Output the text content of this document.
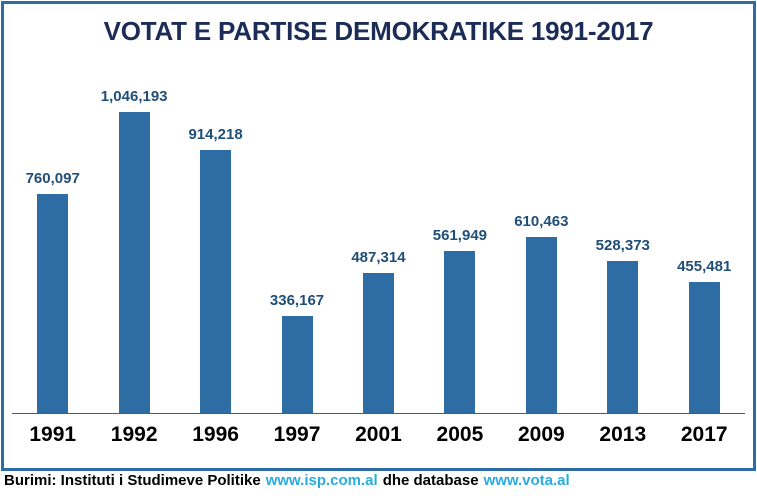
VOTAT E PARTISE DEMOKRATIKE 1991-2017
760,097
1,046,193
914,218
336,167
487,314
561,949
610,463
528,373
455,481
1991	1992	1996	1997	2001	2005	2009	2013	2017
Burimi: Instituti i Studimeve Politike www.isp.com.al dhe database www.vota.al
